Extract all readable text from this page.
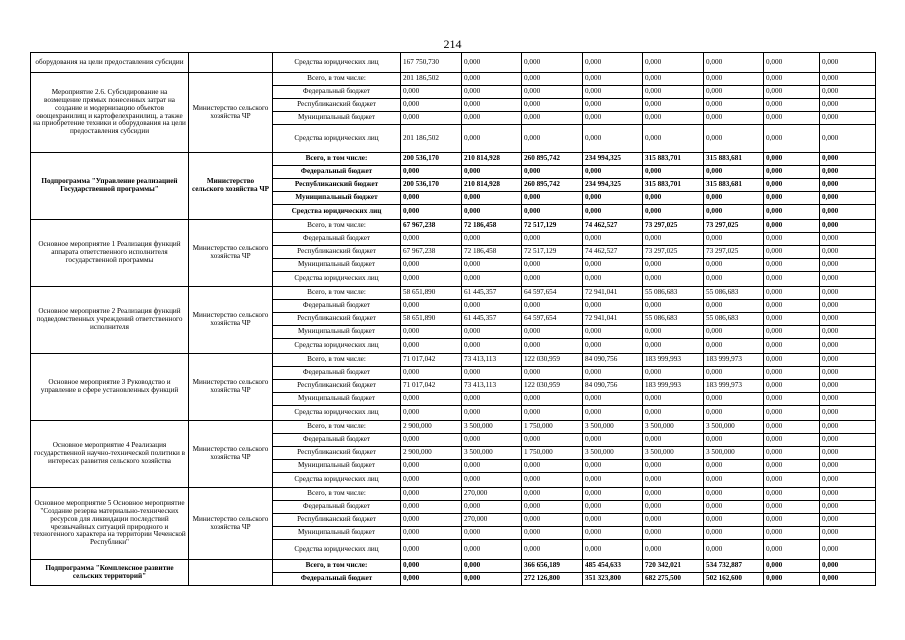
214
оборудования на цели предоставления субсидии		Средства юридических лиц	167 750,730	0,000	0,000	0,000	0,000	0,000	0,000	0,000
Мероприятие 2.6. Субсидирование на возмещение прямых понесенных затрат на создание и модернизацию объектов овощехранилищ и картофелехранилищ, а также на приобретение техники и оборудования на цели предоставления субсидии	Министерство сельского хозяйства ЧР	Всего, в том числе:	201 186,502	0,000	0,000	0,000	0,000	0,000	0,000	0,000
		Федеральный бюджет	0,000	0,000	0,000	0,000	0,000	0,000	0,000	0,000
		Республиканский бюджет	0,000	0,000	0,000	0,000	0,000	0,000	0,000	0,000
		Муниципальный бюджет	0,000	0,000	0,000	0,000	0,000	0,000	0,000	0,000
		Средства юридических лиц	201 186,502	0,000	0,000	0,000	0,000	0,000	0,000	0,000
Подпрограмма "Управление реализацией Государственной программы"	Министерство сельского хозяйства ЧР	Всего, в том числе:	200 536,170	210 814,928	260 895,742	234 994,325	315 883,701	315 883,681	0,000	0,000
		Федеральный бюджет	0,000	0,000	0,000	0,000	0,000	0,000	0,000	0,000
		Республиканский бюджет	200 536,170	210 814,928	260 895,742	234 994,325	315 883,701	315 883,681	0,000	0,000
		Муниципальный бюджет	0,000	0,000	0,000	0,000	0,000	0,000	0,000	0,000
		Средства юридических лиц	0,000	0,000	0,000	0,000	0,000	0,000	0,000	0,000
Основное мероприятие 1 Реализация функций аппарата ответственного исполнителя государственной программы	Министерство сельского хозяйства ЧР	Всего, в том числе:	67 967,238	72 186,458	72 517,129	74 462,527	73 297,025	73 297,025	0,000	0,000
		Федеральный бюджет	0,000	0,000	0,000	0,000	0,000	0,000	0,000	0,000
		Республиканский бюджет	67 967,238	72 186,458	72 517,129	74 462,527	73 297,025	73 297,025	0,000	0,000
		Муниципальный бюджет	0,000	0,000	0,000	0,000	0,000	0,000	0,000	0,000
		Средства юридических лиц	0,000	0,000	0,000	0,000	0,000	0,000	0,000	0,000
Основное мероприятие 2 Реализация функций подведомственных учреждений ответственного исполнителя	Министерство сельского хозяйства ЧР	Всего, в том числе:	58 651,890	61 445,357	64 597,654	72 941,041	55 086,683	55 086,683	0,000	0,000
		Федеральный бюджет	0,000	0,000	0,000	0,000	0,000	0,000	0,000	0,000
		Республиканский бюджет	58 651,890	61 445,357	64 597,654	72 941,041	55 086,683	55 086,683	0,000	0,000
		Муниципальный бюджет	0,000	0,000	0,000	0,000	0,000	0,000	0,000	0,000
		Средства юридических лиц	0,000	0,000	0,000	0,000	0,000	0,000	0,000	0,000
Основное мероприятие 3 Руководство и управление в сфере установленных функций	Министерство сельского хозяйства ЧР	Всего, в том числе:	71 017,042	73 413,113	122 030,959	84 090,756	183 999,993	183 999,973	0,000	0,000
		Федеральный бюджет	0,000	0,000	0,000	0,000	0,000	0,000	0,000	0,000
		Республиканский бюджет	71 017,042	73 413,113	122 030,959	84 090,756	183 999,993	183 999,973	0,000	0,000
		Муниципальный бюджет	0,000	0,000	0,000	0,000	0,000	0,000	0,000	0,000
		Средства юридических лиц	0,000	0,000	0,000	0,000	0,000	0,000	0,000	0,000
Основное мероприятие 4 Реализация государственной научно-технической политики в интересах развития сельского хозяйства	Министерство сельского хозяйства ЧР	Всего, в том числе:	2 900,000	3 500,000	1 750,000	3 500,000	3 500,000	3 500,000	0,000	0,000
		Федеральный бюджет	0,000	0,000	0,000	0,000	0,000	0,000	0,000	0,000
		Республиканский бюджет	2 900,000	3 500,000	1 750,000	3 500,000	3 500,000	3 500,000	0,000	0,000
		Муниципальный бюджет	0,000	0,000	0,000	0,000	0,000	0,000	0,000	0,000
		Средства юридических лиц	0,000	0,000	0,000	0,000	0,000	0,000	0,000	0,000
Основное мероприятие 5 Основное мероприятие "Создание резерва материально-технических ресурсов для ликвидации последствий чрезвычайных ситуаций природного и техногенного характера на территории Чеченской Республики"	Министерство сельского хозяйства ЧР	Всего, в том числе:	0,000	270,000	0,000	0,000	0,000	0,000	0,000	0,000
		Федеральный бюджет	0,000	0,000	0,000	0,000	0,000	0,000	0,000	0,000
		Республиканский бюджет	0,000	270,000	0,000	0,000	0,000	0,000	0,000	0,000
		Муниципальный бюджет	0,000	0,000	0,000	0,000	0,000	0,000	0,000	0,000
		Средства юридических лиц	0,000	0,000	0,000	0,000	0,000	0,000	0,000	0,000
Подпрограмма "Комплексное развитие сельских территорий"		Всего, в том числе:	0,000	0,000	366 656,189	485 454,633	720 342,021	534 732,887	0,000	0,000
		Федеральный бюджет	0,000	0,000	272 126,800	351 323,800	682 275,500	502 162,600	0,000	0,000
